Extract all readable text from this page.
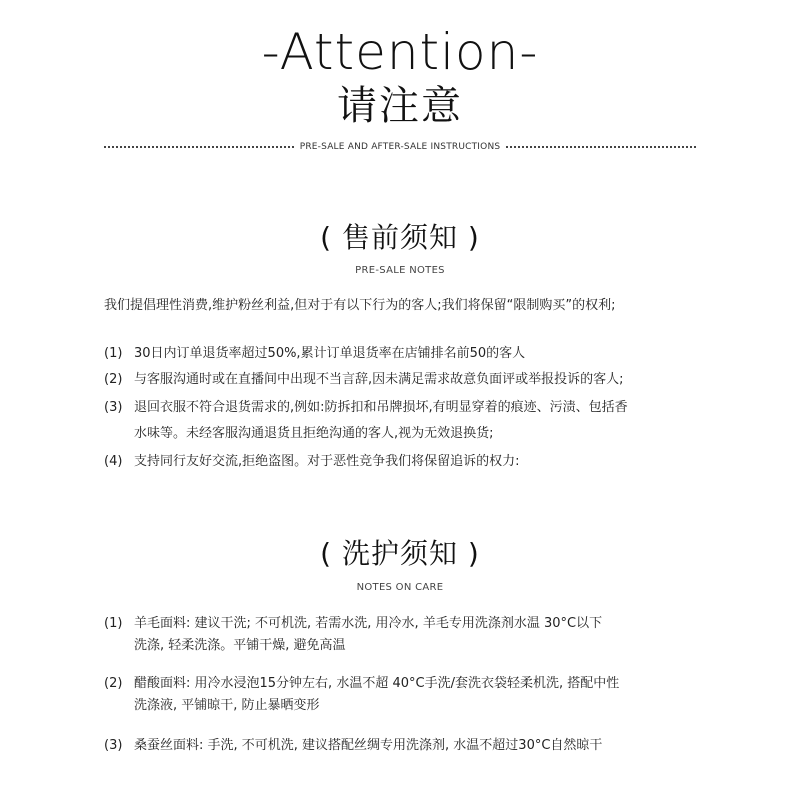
-Attention-
请注意
PRE-SALE AND AFTER-SALE INSTRUCTIONS
( 售前须知 )
PRE-SALE NOTES
我们提倡理性消费,维护粉丝利益,但对于有以下行为的客人;我们将保留“限制购买”的权利;
(1) 30日内订单退货率超过50%,累计订单退货率在店铺排名前50的客人
(2) 与客服沟通时或在直播间中出现不当言辞,因未满足需求故意负面评或举报投诉的客人;
(3) 退回衣服不符合退货需求的,例如:防拆扣和吊牌损坏,有明显穿着的痕迹、污渍、包括香
水味等。未经客服沟通退货且拒绝沟通的客人,视为无效退换货;
(4) 支持同行友好交流,拒绝盗图。对于恶性竞争我们将保留追诉的权力:
( 洗护须知 )
NOTES ON CARE
(1) 羊毛面料: 建议干洗; 不可机洗, 若需水洗, 用冷水, 羊毛专用洗涤剂水温 30°C以下
洗涤, 轻柔洗涤。平铺干燥, 避免高温
(2) 醋酸面料: 用冷水浸泡15分钟左右, 水温不超 40°C手洗/套洗衣袋轻柔机洗, 搭配中性
洗涤液, 平铺晾干, 防止暴晒变形
(3) 桑蚕丝面料: 手洗, 不可机洗, 建议搭配丝绸专用洗涤剂, 水温不超过30°C自然晾干
